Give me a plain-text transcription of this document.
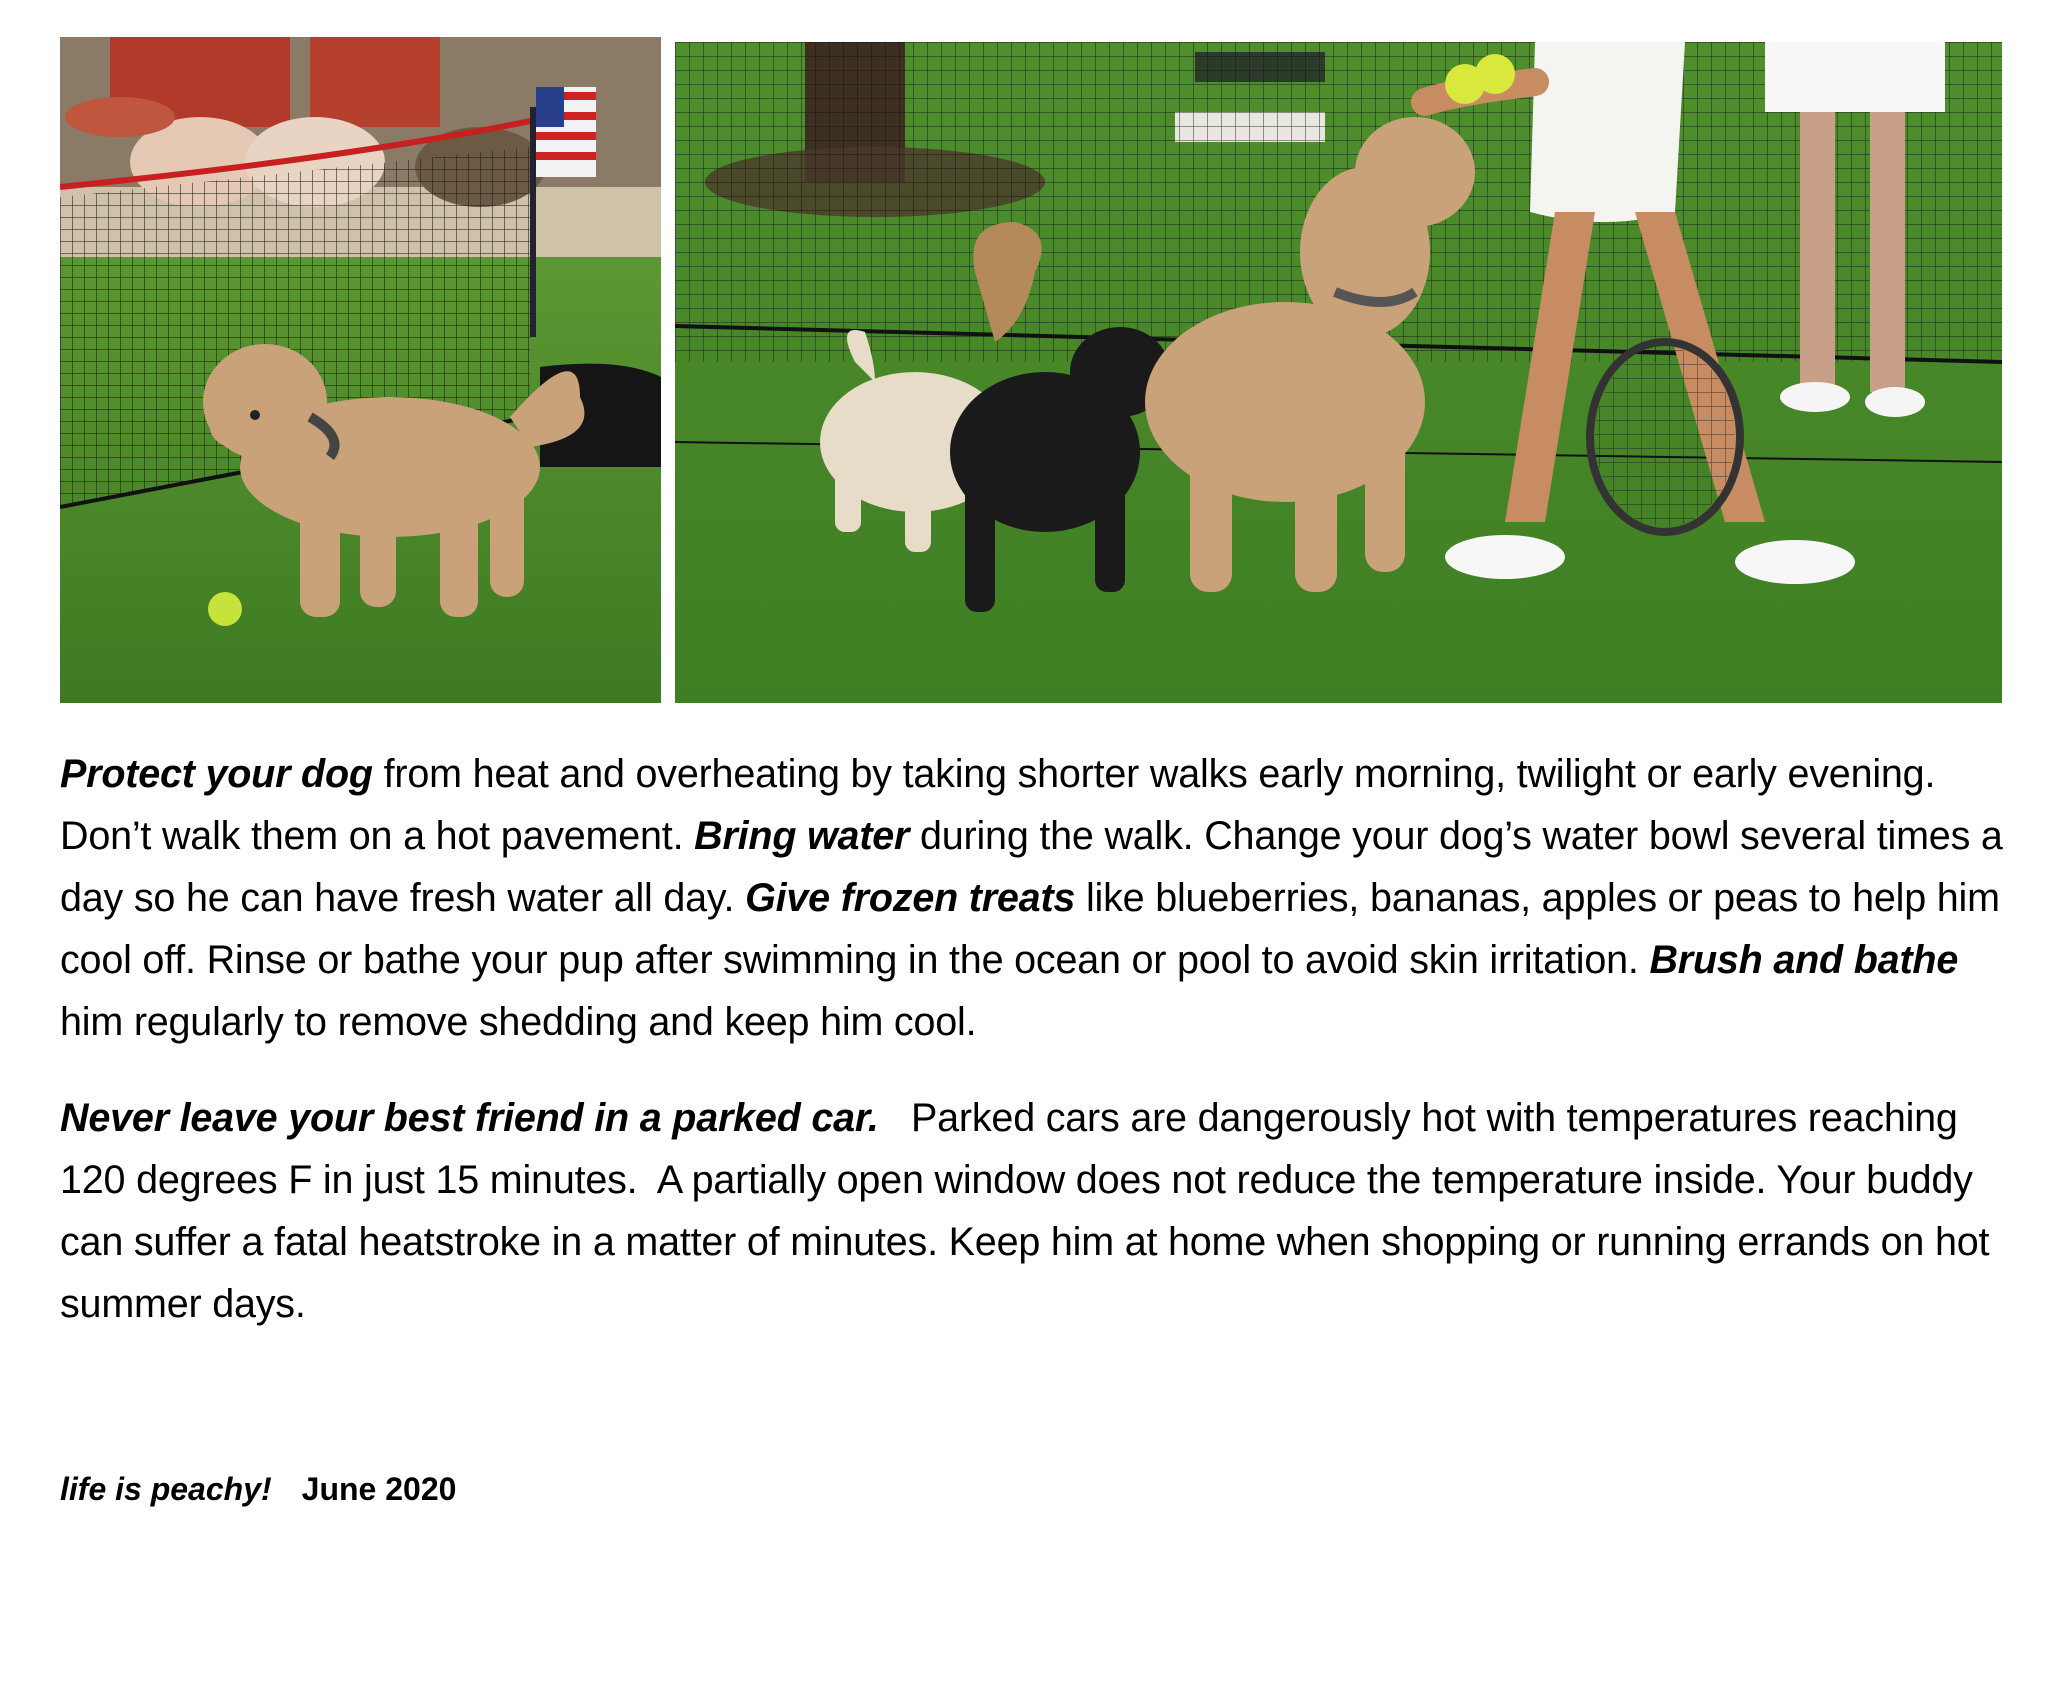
Protect your dog from heat and overheating by taking shorter walks early morning, twilight or early evening. Don’t walk them on a hot pavement. Bring water during the walk. Change your dog’s water bowl several times a day so he can have fresh water all day. Give frozen treats like blueberries, bananas, apples or peas to help him cool off. Rinse or bathe your pup after swimming in the ocean or pool to avoid skin irritation. Brush and bathe him regularly to remove shedding and keep him cool.

Never leave your best friend in a parked car.   Parked cars are dangerously hot with temperatures reaching 120 degrees F in just 15 minutes.  A partially open window does not reduce the temperature inside. Your buddy can suffer a fatal heatstroke in a matter of minutes. Keep him at home when shopping or running errands on hot summer days.

life is peachy! June 2020
